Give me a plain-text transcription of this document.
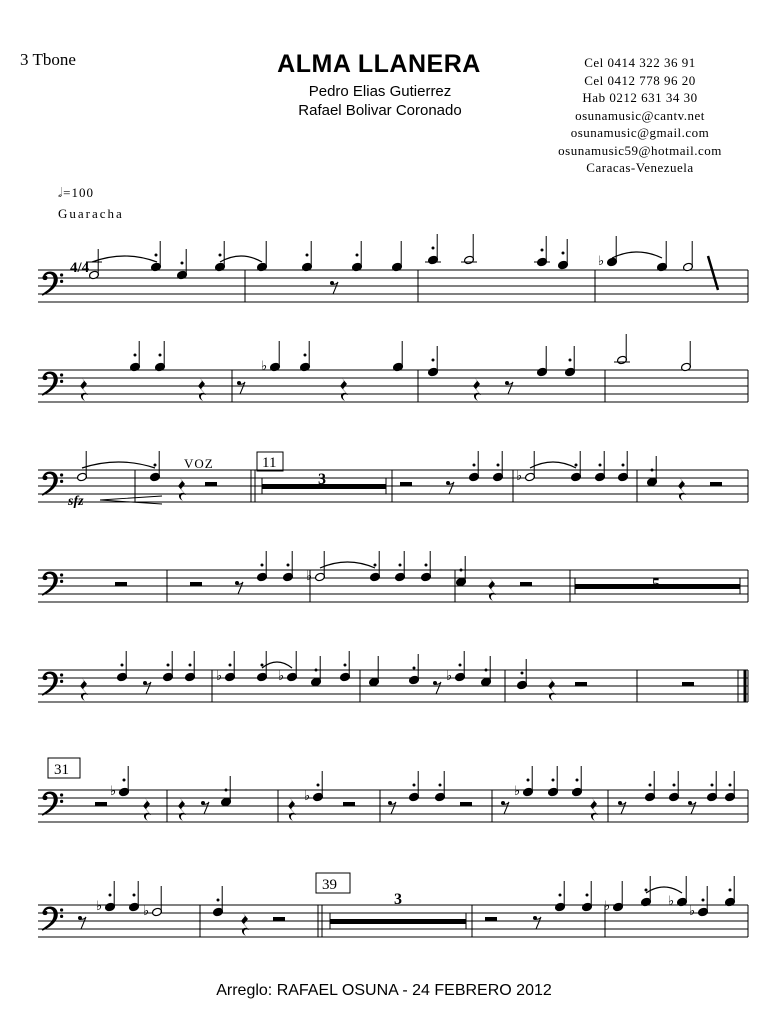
3 Tbone	ALMA LLANERA
Pedro Elias Gutierrez
Rafael Bolivar Coronado
Cel 0414 322 36 91
Cel 0412 778 96 20
Hab 0212 631 34 30
osunamusic@cantv.net
osunamusic@gmail.com
osunamusic59@hotmail.com
Caracas-Venezuela
𝅗𝅥=100
Guaracha
♭
♭
♭
♭
♭	♭	♭
♭	♭	♭
♭	♭	♭	♭
♭
4/4
sfz
VOZ	11
31
39
3
5
3
Arreglo: RAFAEL OSUNA - 24 FEBRERO 2012
